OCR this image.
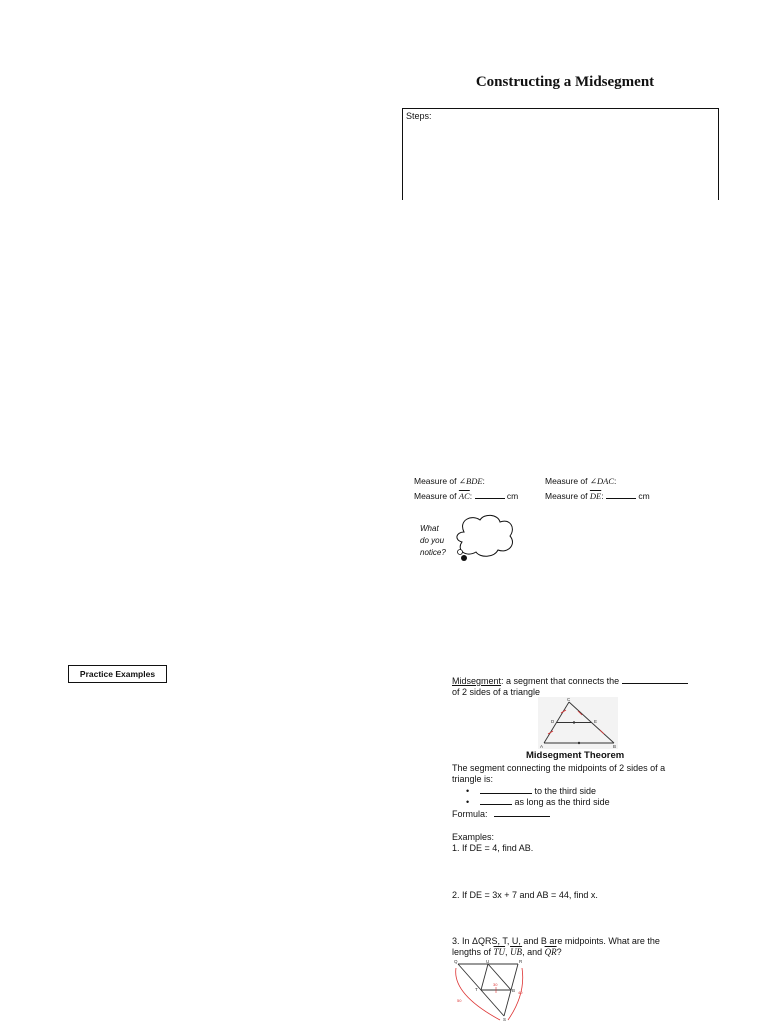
Constructing a Midsegment
Steps:
Measure of ∠BDE:	Measure of ∠DAC:
Measure of $\overline{AC}$:	cm	Measure of $\overline{DE}$:	cm
What
do you
notice?
Practice Examples
Midsegment: a segment that connects the
of 2 sides of a triangle
C
D	E
A	B
Midsegment Theorem
The segment connecting the midpoints of 2 sides of a
triangle is:
•	to the third side
•	as long as the third side
Formula:
Examples:
1. If DE = 4, find AB.
2. If DE = 3x + 7 and AB = 44, find x.
3. In ΔQRS, T, U, and B are midpoints. What are the
lengths of $\overline{TU}$, $\overline{UB}$, and $\overline{QR}$?
Q	U	R
T	B
S
30
40
50
